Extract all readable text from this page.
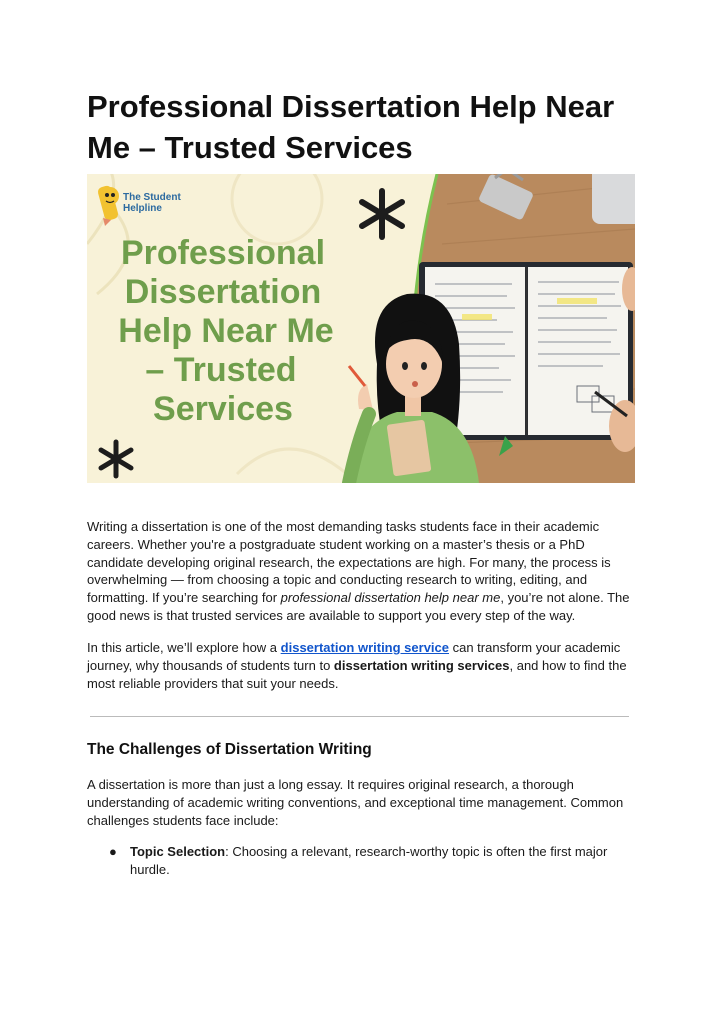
Professional Dissertation Help Near Me – Trusted Services
The Student
Helpline
Professional
Dissertation
Help Near Me
– Trusted
Services

Writing a dissertation is one of the most demanding tasks students face in their academic careers. Whether you're a postgraduate student working on a master’s thesis or a PhD candidate developing original research, the expectations are high. For many, the process is overwhelming — from choosing a topic and conducting research to writing, editing, and formatting. If you’re searching for professional dissertation help near me, you’re not alone. The good news is that trusted services are available to support you every step of the way.

In this article, we’ll explore how a dissertation writing service can transform your academic journey, why thousands of students turn to dissertation writing services, and how to find the most reliable providers that suit your needs.

The Challenges of Dissertation Writing

A dissertation is more than just a long essay. It requires original research, a thorough understanding of academic writing conventions, and exceptional time management. Common challenges students face include:

● Topic Selection: Choosing a relevant, research-worthy topic is often the first major hurdle.
